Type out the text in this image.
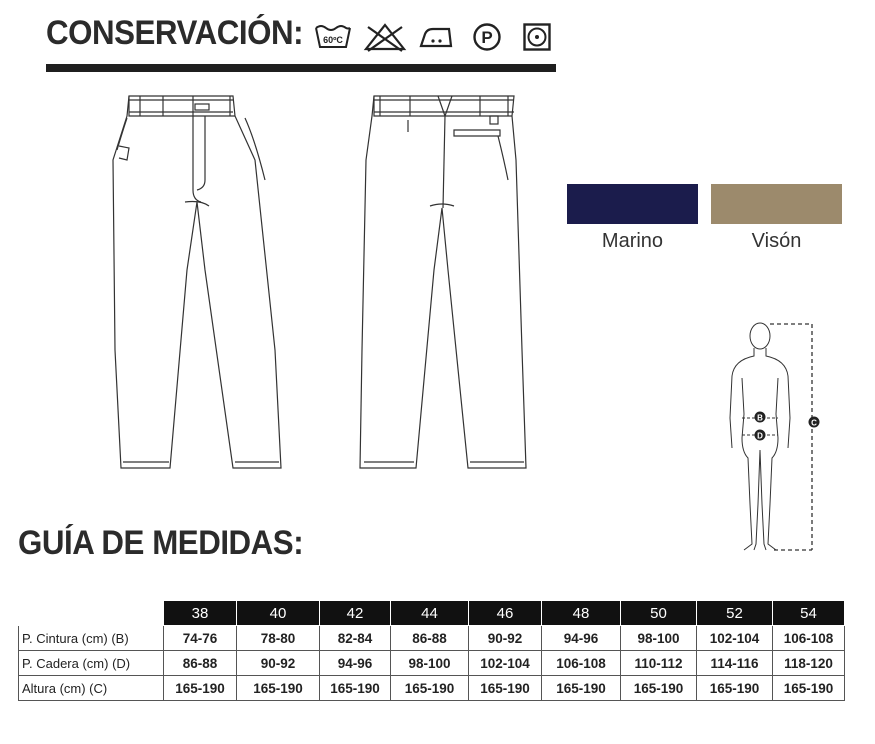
CONSERVACIÓN: 60ºC	P
Marino	Visón
B
D
C
GUÍA DE MEDIDAS:
	38	40	42	44	46	48	50	52	54
P. Cintura (cm) (B)	74-76	78-80	82-84	86-88	90-92	94-96	98-100	102-104	106-108
P. Cadera (cm) (D)	86-88	90-92	94-96	98-100	102-104	106-108	110-112	114-116	118-120
Altura (cm) (C)	165-190	165-190	165-190	165-190	165-190	165-190	165-190	165-190	165-190
